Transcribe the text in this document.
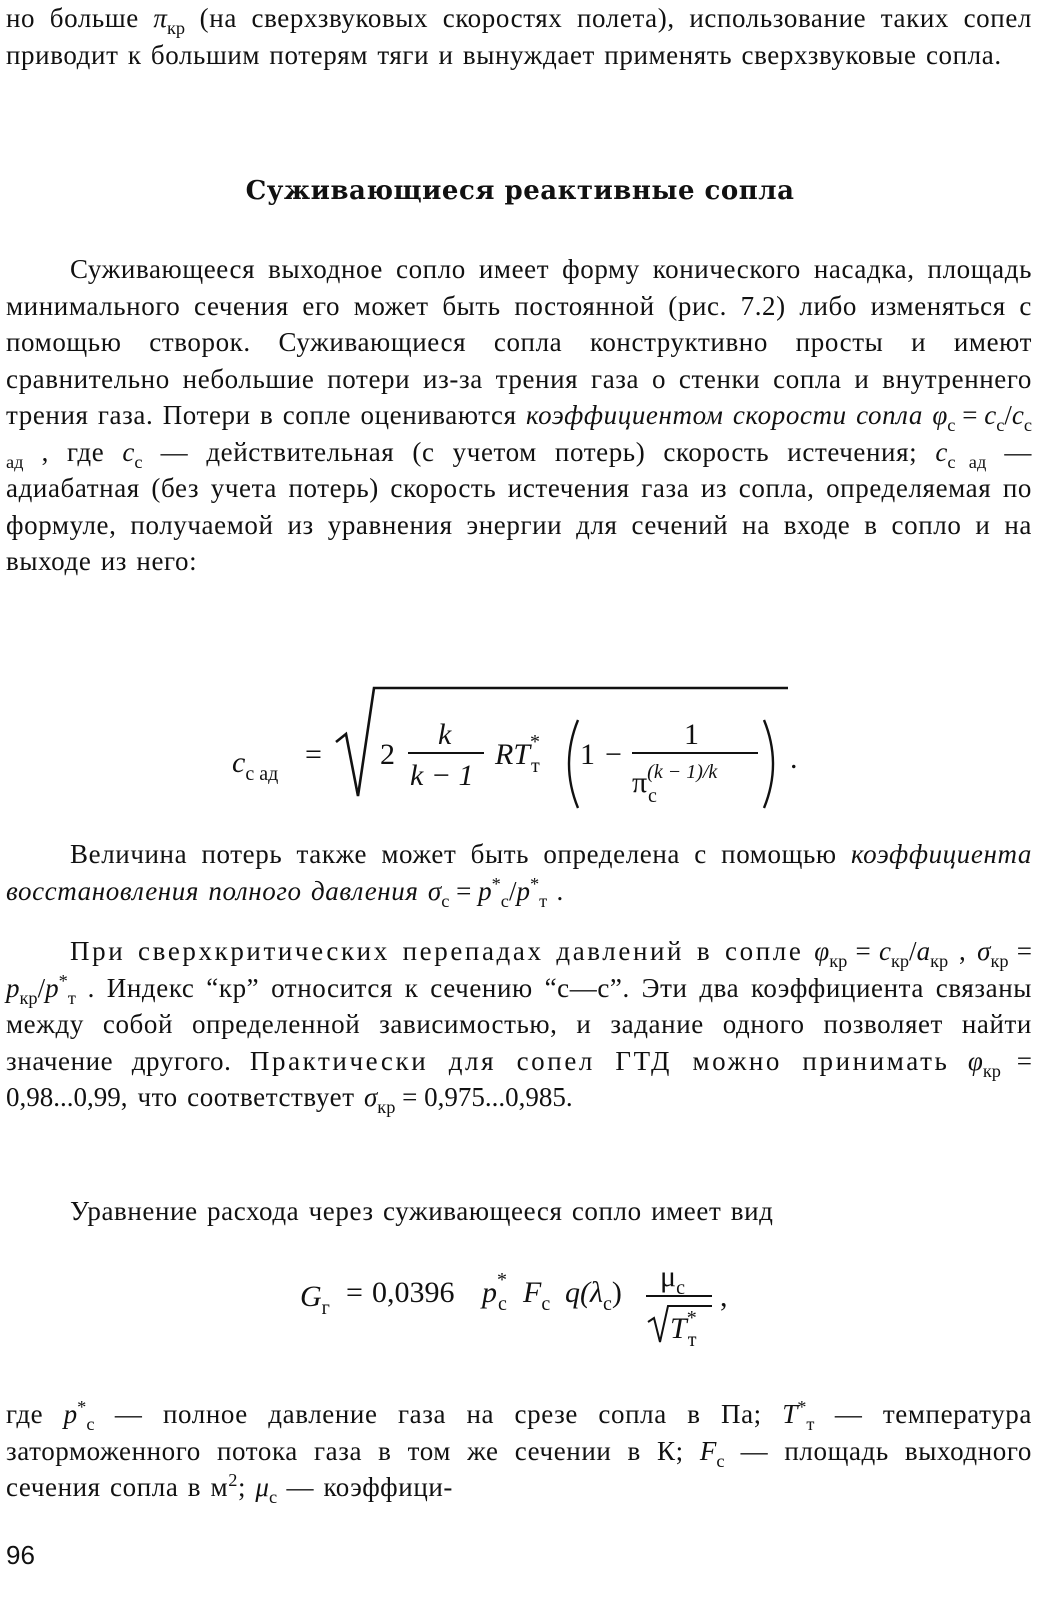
но больше $\pi_{кр}$ (на сверхзвуковых скоростях полета), использование таких сопел приводит к большим потерям тяги и вынуждает применять сверхзвуковые сопла.

Суживающиеся реактивные сопла

Суживающееся выходное сопло имеет форму конического насадка, площадь минимального сечения его может быть постоянной (рис. 7.2) либо изменяться с помощью створок. Суживающиеся сопла конструктивно просты и имеют сравнительно небольшие потери из-за трения газа о стенки сопла и внутреннего трения газа. Потери в сопле оцениваются коэффициентом скорости сопла $\varphi_с = c_с/c_{с ад}$ , где $c_с$ — действительная (с учетом потерь) скорость истечения; $c_{с ад}$ — адиабатная (без учета потерь) скорость истечения газа из сопла, определяемая по формуле, получаемой из уравнения энергии для сечений на входе в сопло и на выходе из него:

$c_{с ад}$
= 2
k
k − 1
RT* т 1 −
1
$\pi^{(k - 1)/k}$
с
.

Величина потерь также может быть определена с помощью коэффициента восстановления полного давления $\sigma_с = p^*_с/p^*_т$ .

При сверхкритических перепадах давлений в сопле $\varphi_{кр} = c_{кр}/a_{кр}$ , $\sigma_{кр} = p_{кр}/p^*_т$ . Индекс “кр” относится к сечению “с—с”. Эти два коэффициента связаны между собой определенной зависимостью, и задание одного позволяет найти значение другого. Практически для сопел ГТД можно принимать $\varphi_{кр} = 0,98...0,99$, что соответствует $\sigma_{кр} = 0,975...0,985$.

Уравнение расхода через суживающееся сопло имеет вид

$G_г = 0,0396$ p* с $F_с$ $q(\lambda_с)$ $\mu_с$
T* т
,

где $p^*_с$ — полное давление газа на срезе сопла в Па; $T^*_т$ — температура заторможенного потока газа в том же сечении в К; $F_с$ — площадь выходного сечения сопла в $м^2$; $\mu_с$ — коэффици-

96
